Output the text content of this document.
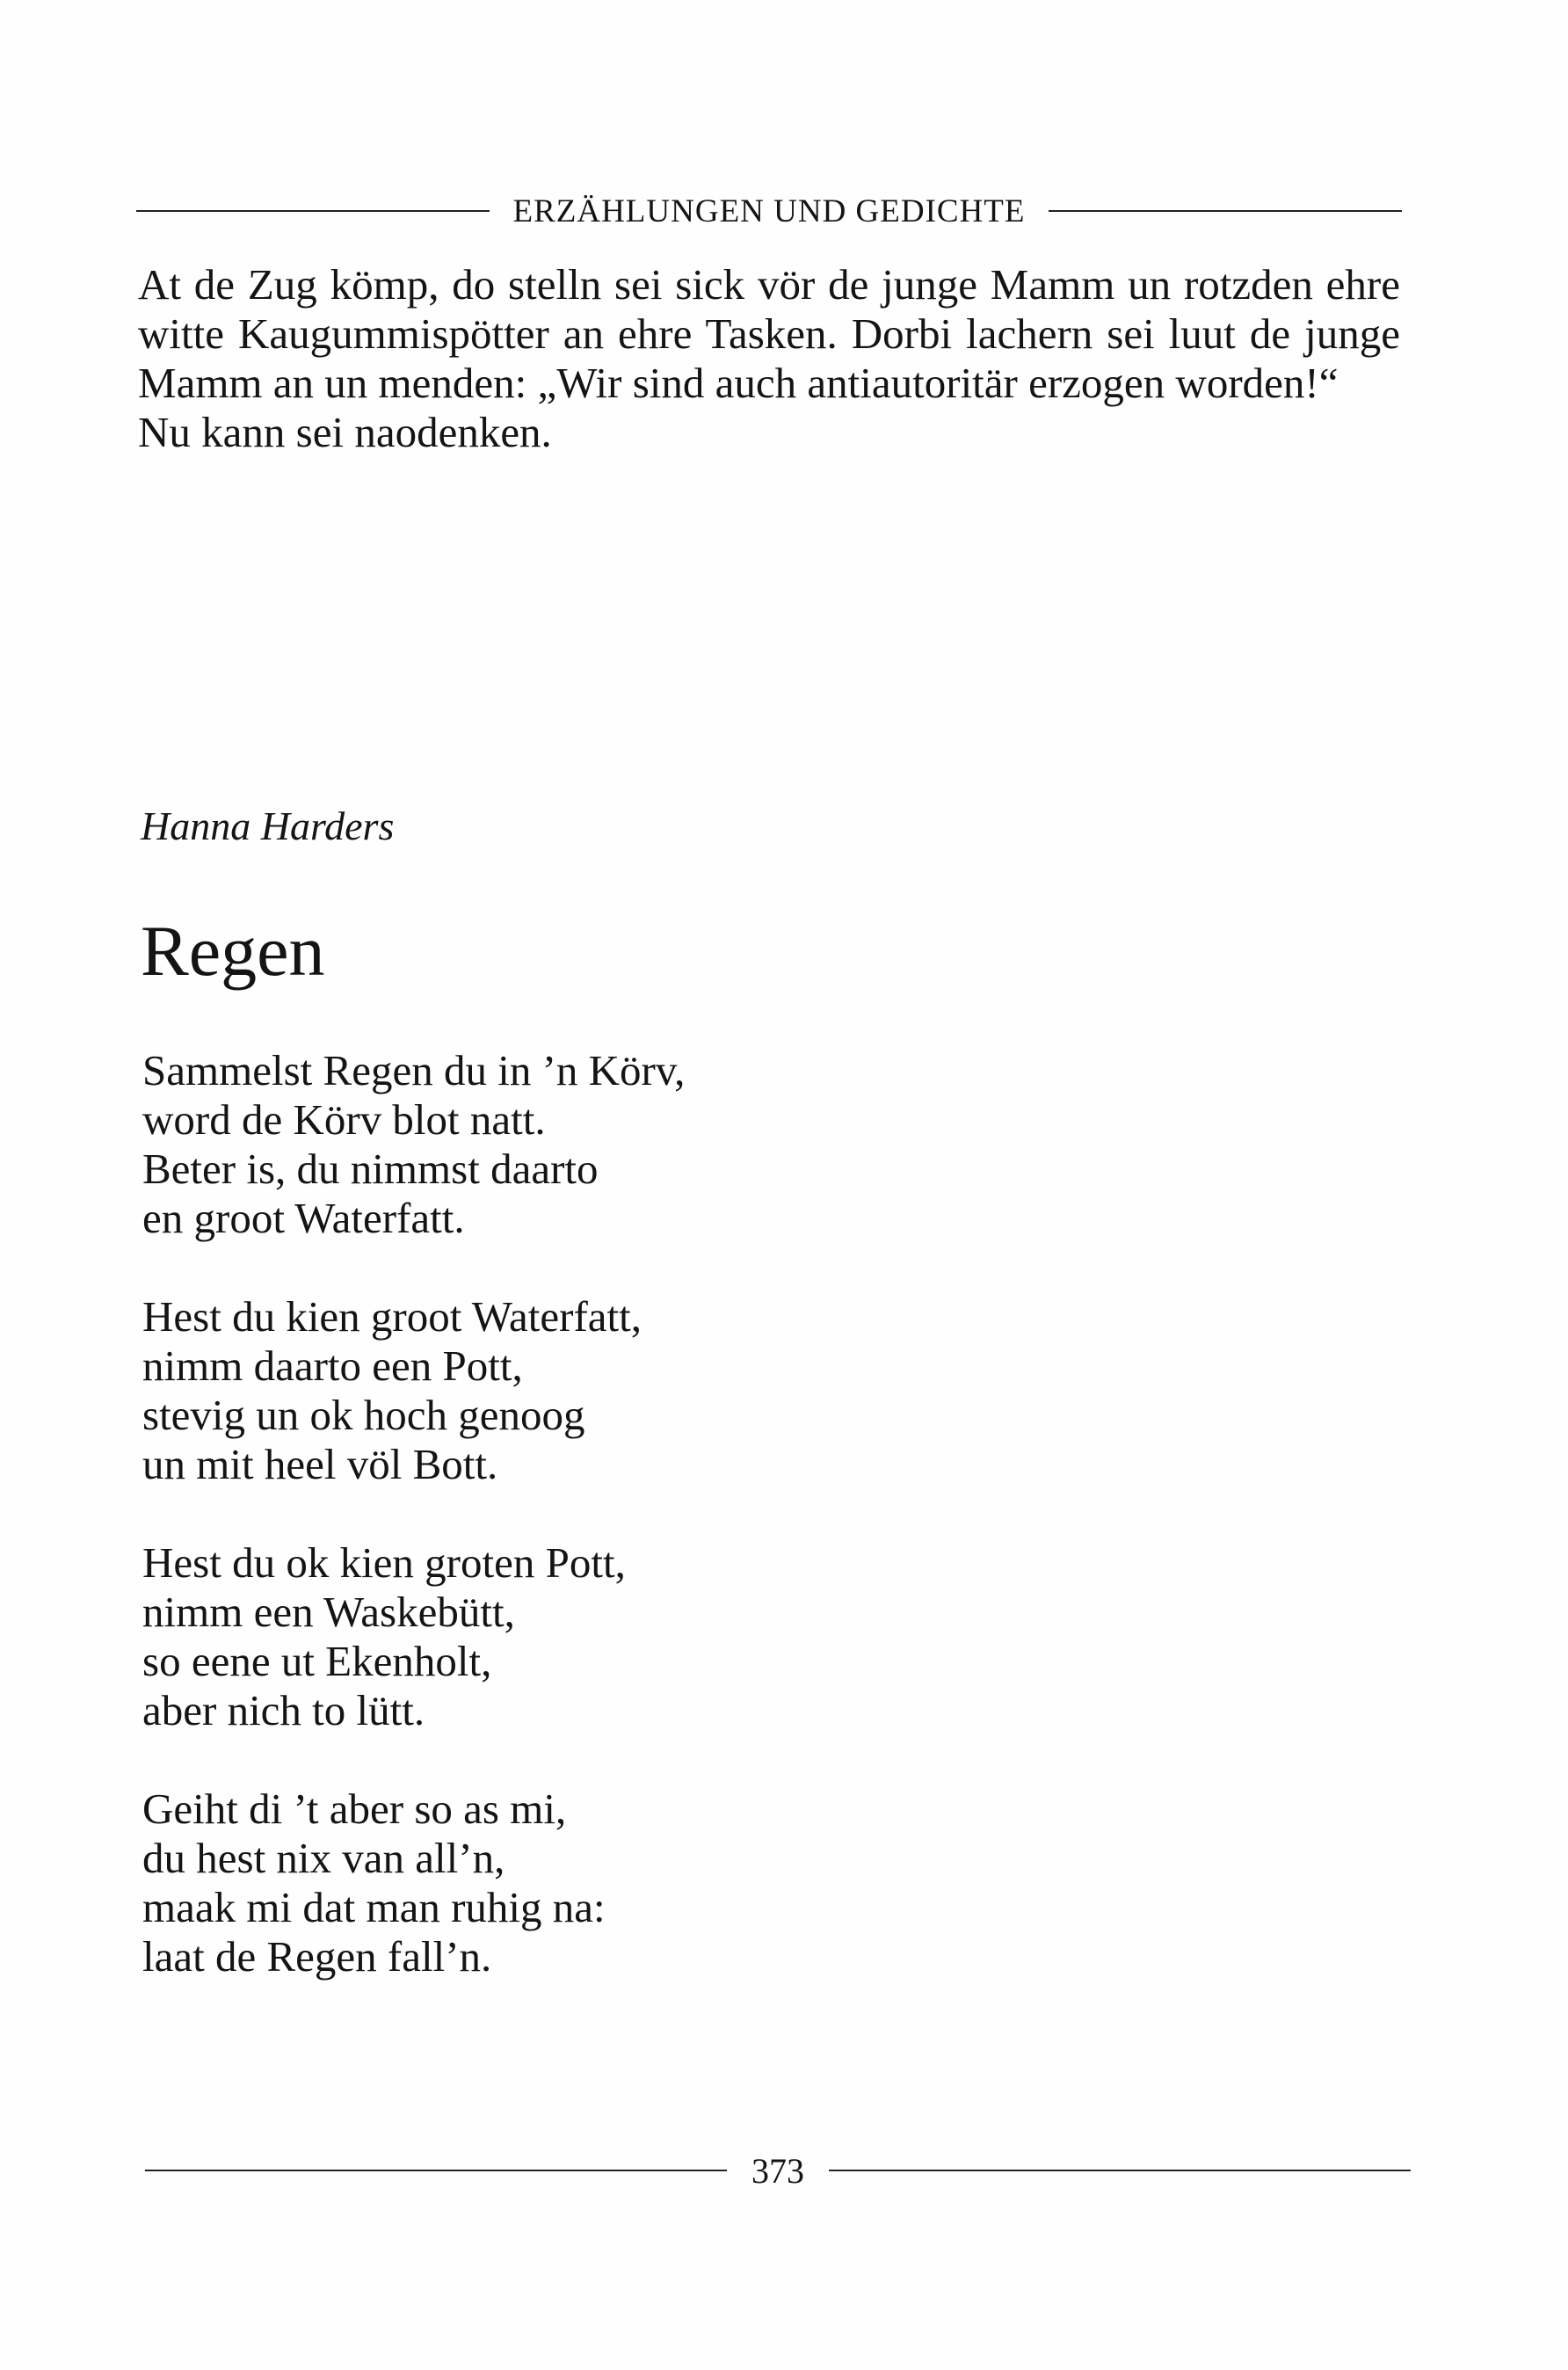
ERZÄHLUNGEN UND GEDICHTE

At de Zug kömp, do stelln sei sick vör de junge Mamm un rotzden ehre witte Kaugummispötter an ehre Tasken. Dorbi lachern sei luut de junge Mamm an un menden: „Wir sind auch antiautoritär erzogen worden!“

Nu kann sei naodenken.

Hanna Harders
Regen
Sammelst Regen du in ’n Körv,
word de Körv blot natt.
Beter is, du nimmst daarto
en groot Waterfatt.
Hest du kien groot Waterfatt,
nimm daarto een Pott,
stevig un ok hoch genoog
un mit heel völ Bott.
Hest du ok kien groten Pott,
nimm een Waskebütt,
so eene ut Ekenholt,
aber nich to lütt.
Geiht di ’t aber so as mi,
du hest nix van all’n,
maak mi dat man ruhig na:
laat de Regen fall’n.
373
